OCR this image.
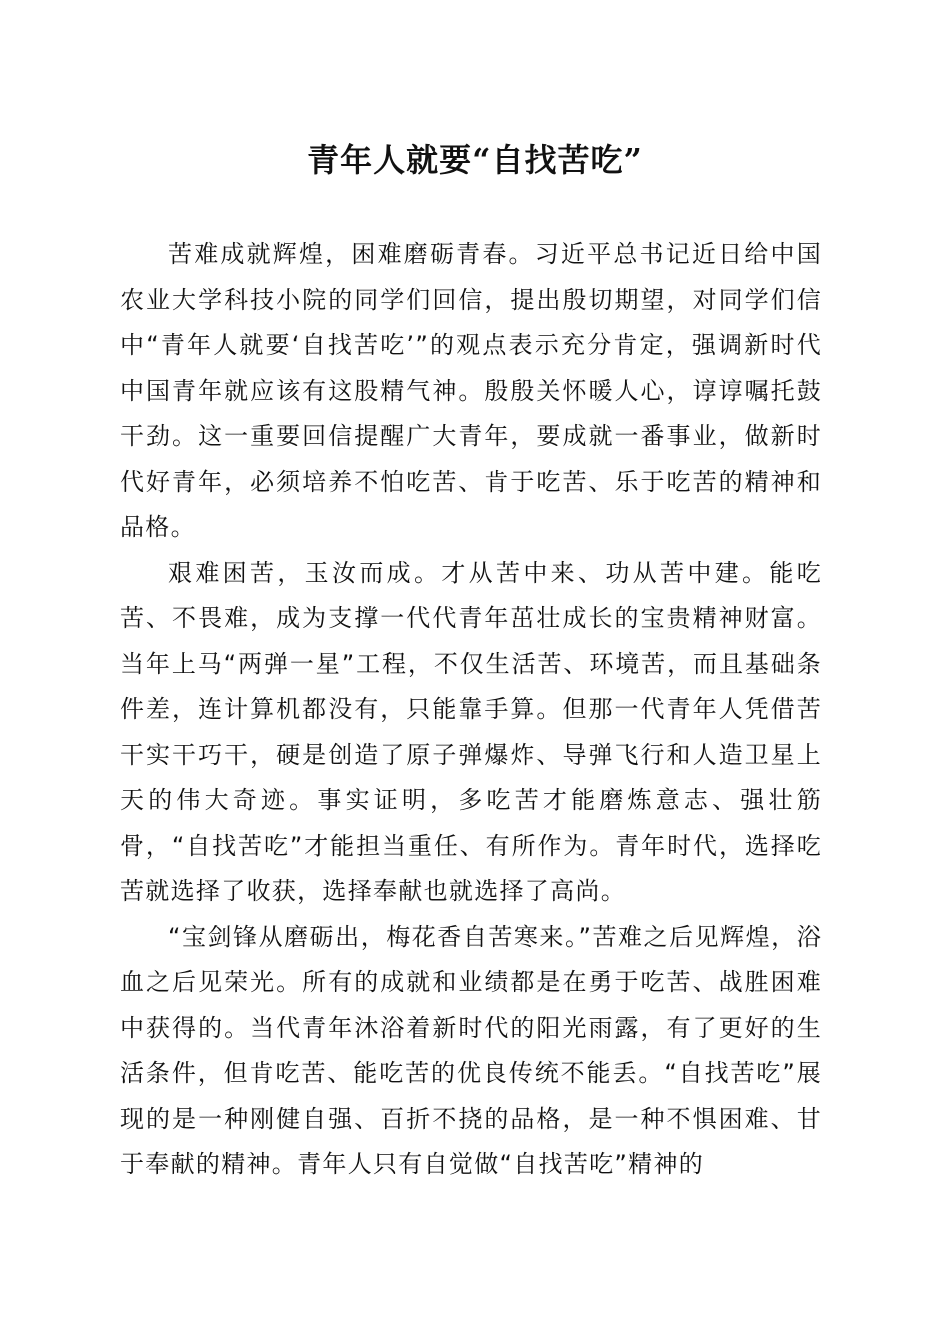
青年人就要“自找苦吃”

苦难成就辉煌，困难磨砺青春。习近平总书记近日给中国农业大学科技小院的同学们回信，提出殷切期望，对同学们信中“青年人就要‘自找苦吃’”的观点表示充分肯定，强调新时代中国青年就应该有这股精气神。殷殷关怀暖人心，谆谆嘱托鼓干劲。这一重要回信提醒广大青年，要成就一番事业，做新时代好青年，必须培养不怕吃苦、肯于吃苦、乐于吃苦的精神和品格。

艰难困苦，玉汝而成。才从苦中来、功从苦中建。能吃苦、不畏难，成为支撑一代代青年茁壮成长的宝贵精神财富。当年上马“两弹一星”工程，不仅生活苦、环境苦，而且基础条件差，连计算机都没有，只能靠手算。但那一代青年人凭借苦干实干巧干，硬是创造了原子弹爆炸、导弹飞行和人造卫星上天的伟大奇迹。事实证明，多吃苦才能磨炼意志、强壮筋骨，“自找苦吃”才能担当重任、有所作为。青年时代，选择吃苦就选择了收获，选择奉献也就选择了高尚。

“宝剑锋从磨砺出，梅花香自苦寒来。”苦难之后见辉煌，浴血之后见荣光。所有的成就和业绩都是在勇于吃苦、战胜困难中获得的。当代青年沐浴着新时代的阳光雨露，有了更好的生活条件，但肯吃苦、能吃苦的优良传统不能丢。“自找苦吃”展现的是一种刚健自强、百折不挠的品格，是一种不惧困难、甘于奉献的精神。青年人只有自觉做“自找苦吃”精神的
